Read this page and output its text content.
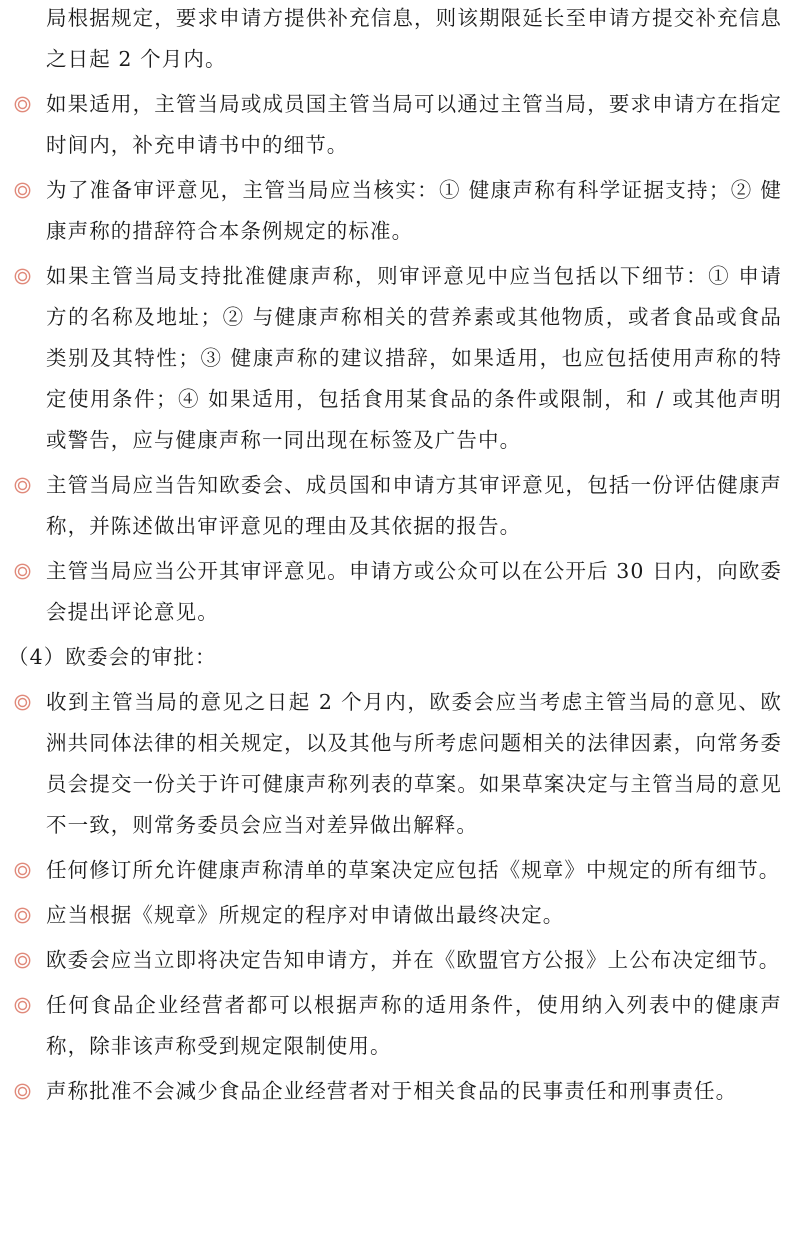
局根据规定，要求申请方提供补充信息，则该期限延长至申请方提交补充信息之日起 2 个月内。
如果适用，主管当局或成员国主管当局可以通过主管当局，要求申请方在指定时间内，补充申请书中的细节。
为了准备审评意见，主管当局应当核实：① 健康声称有科学证据支持；② 健康声称的措辞符合本条例规定的标准。
如果主管当局支持批准健康声称，则审评意见中应当包括以下细节：① 申请方的名称及地址；② 与健康声称相关的营养素或其他物质，或者食品或食品类别及其特性；③ 健康声称的建议措辞，如果适用，也应包括使用声称的特定使用条件；④ 如果适用，包括食用某食品的条件或限制，和 / 或其他声明或警告，应与健康声称一同出现在标签及广告中。
主管当局应当告知欧委会、成员国和申请方其审评意见，包括一份评估健康声称，并陈述做出审评意见的理由及其依据的报告。
主管当局应当公开其审评意见。申请方或公众可以在公开后 30 日内，向欧委会提出评论意见。
（4）欧委会的审批：
收到主管当局的意见之日起 2 个月内，欧委会应当考虑主管当局的意见、欧洲共同体法律的相关规定，以及其他与所考虑问题相关的法律因素，向常务委员会提交一份关于许可健康声称列表的草案。如果草案决定与主管当局的意见不一致，则常务委员会应当对差异做出解释。
任何修订所允许健康声称清单的草案决定应包括《规章》中规定的所有细节。
应当根据《规章》所规定的程序对申请做出最终决定。
欧委会应当立即将决定告知申请方，并在《欧盟官方公报》上公布决定细节。
任何食品企业经营者都可以根据声称的适用条件，使用纳入列表中的健康声称，除非该声称受到规定限制使用。
声称批准不会减少食品企业经营者对于相关食品的民事责任和刑事责任。
